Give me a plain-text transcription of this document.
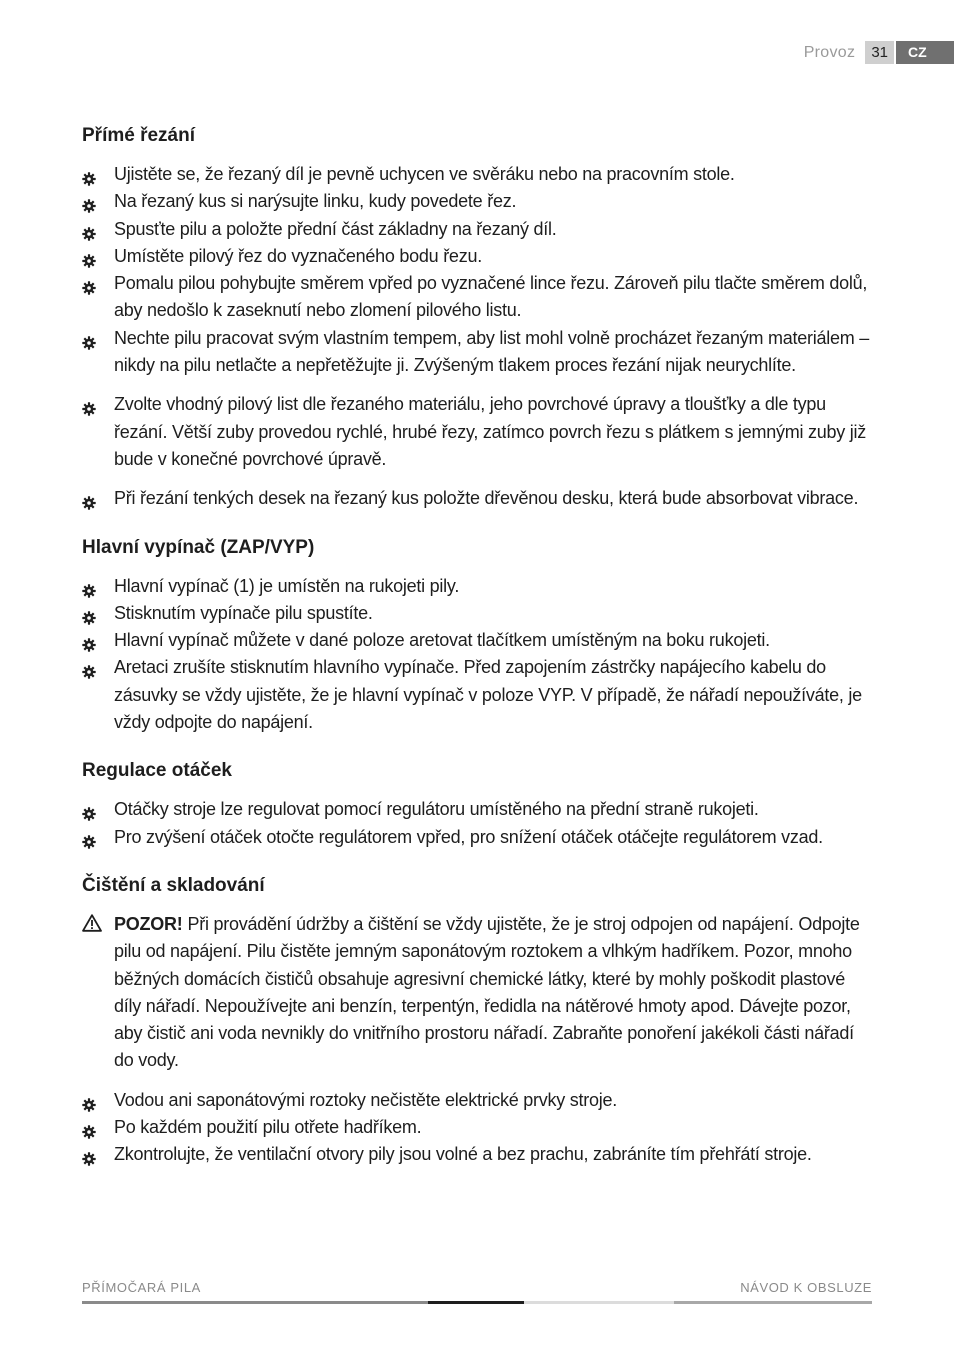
Provoz	31	CZ
Přímé řezání
Ujistěte se, že řezaný díl je pevně uchycen ve svěráku nebo na pracovním stole.
Na řezaný kus si narýsujte linku, kudy povedete řez.
Spusťte pilu a položte přední část základny na řezaný díl.
Umístěte pilový řez do vyznačeného bodu řezu.
Pomalu pilou pohybujte směrem vpřed po vyznačené lince řezu. Zároveň pilu tlačte směrem dolů, aby nedošlo k zaseknutí nebo zlomení pilového listu.
Nechte pilu pracovat svým vlastním tempem, aby list mohl volně procházet řezaným materiálem – nikdy na pilu netlačte a nepřetěžujte ji. Zvýšeným tlakem proces řezání nijak neurychlíte.
Zvolte vhodný pilový list dle řezaného materiálu, jeho povrchové úpravy a tloušťky a dle typu řezání. Větší zuby provedou rychlé, hrubé řezy, zatímco povrch řezu s plátkem s jemnými zuby již bude v konečné povrchové úpravě.
Při řezání tenkých desek na řezaný kus položte dřevěnou desku, která bude absorbovat vibrace.
Hlavní vypínač (ZAP/VYP)
Hlavní vypínač (1) je umístěn na rukojeti pily.
Stisknutím vypínače pilu spustíte.
Hlavní vypínač můžete v dané poloze aretovat tlačítkem umístěným na boku rukojeti.
Aretaci zrušíte stisknutím hlavního vypínače. Před zapojením zástrčky napájecího kabelu do zásuvky se vždy ujistěte, že je hlavní vypínač v poloze VYP. V případě, že nářadí nepoužíváte, je vždy odpojte do napájení.
Regulace otáček
Otáčky stroje lze regulovat pomocí regulátoru umístěného na přední straně rukojeti.
Pro zvýšení otáček otočte regulátorem vpřed, pro snížení otáček otáčejte regulátorem vzad.
Čištění a skladování
POZOR! Při provádění údržby a čištění se vždy ujistěte, že je stroj odpojen od napájení. Odpojte pilu od napájení. Pilu čistěte jemným saponátovým roztokem a vlhkým hadříkem. Pozor, mnoho běžných domácích čističů obsahuje agresivní chemické látky, které by mohly poškodit plastové díly nářadí. Nepoužívejte ani benzín, terpentýn, ředidla na nátěrové hmoty apod. Dávejte pozor, aby čistič ani voda nevnikly do vnitřního prostoru nářadí. Zabraňte ponoření jakékoli části nářadí do vody.
Vodou ani saponátovými roztoky nečistěte elektrické prvky stroje.
Po každém použití pilu otřete hadříkem.
Zkontrolujte, že ventilační otvory pily jsou volné a bez prachu, zabráníte tím přehřátí stroje.
PŘÍMOČARÁ PILA	NÁVOD K OBSLUZE
